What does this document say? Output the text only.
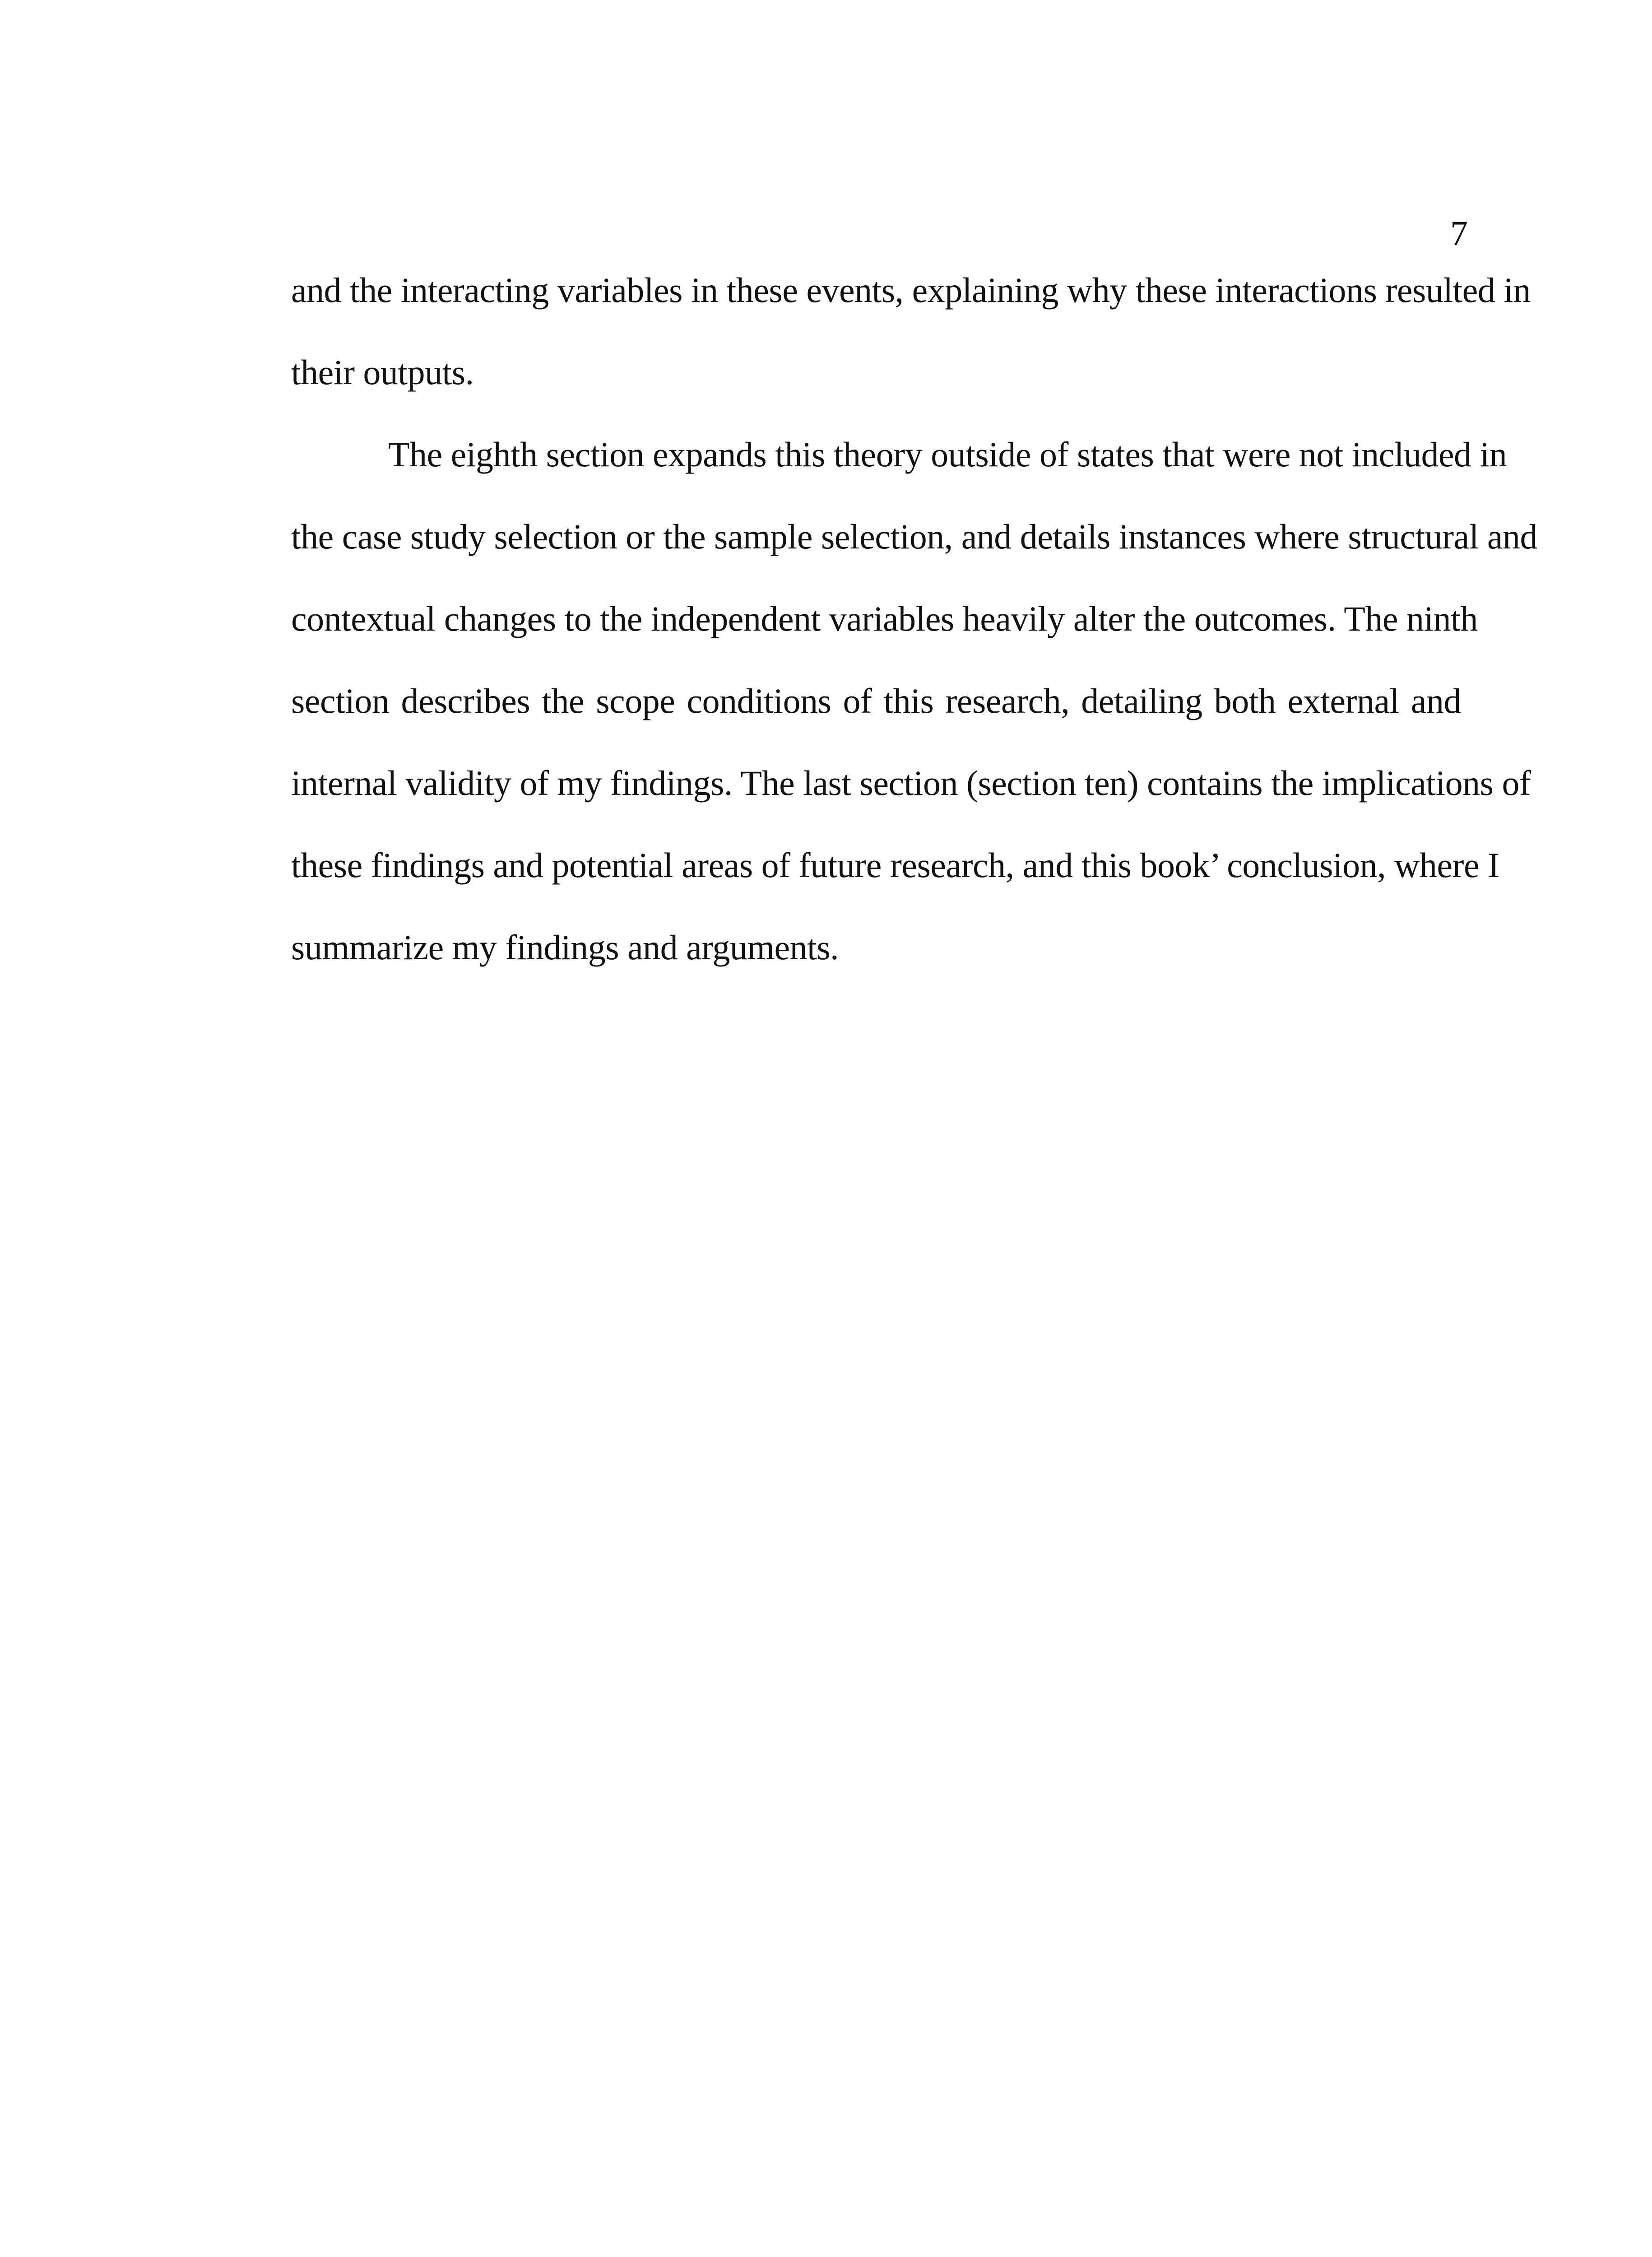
7
and the interacting variables in these events, explaining why these interactions resulted in
their outputs.
The eighth section expands this theory outside of states that were not included in
the case study selection or the sample selection, and details instances where structural and
contextual changes to the independent variables heavily alter the outcomes. The ninth
section describes the scope conditions of this research, detailing both external and
internal validity of my findings. The last section (section ten) contains the implications of
these findings and potential areas of future research, and this book’ conclusion, where I
summarize my findings and arguments.
